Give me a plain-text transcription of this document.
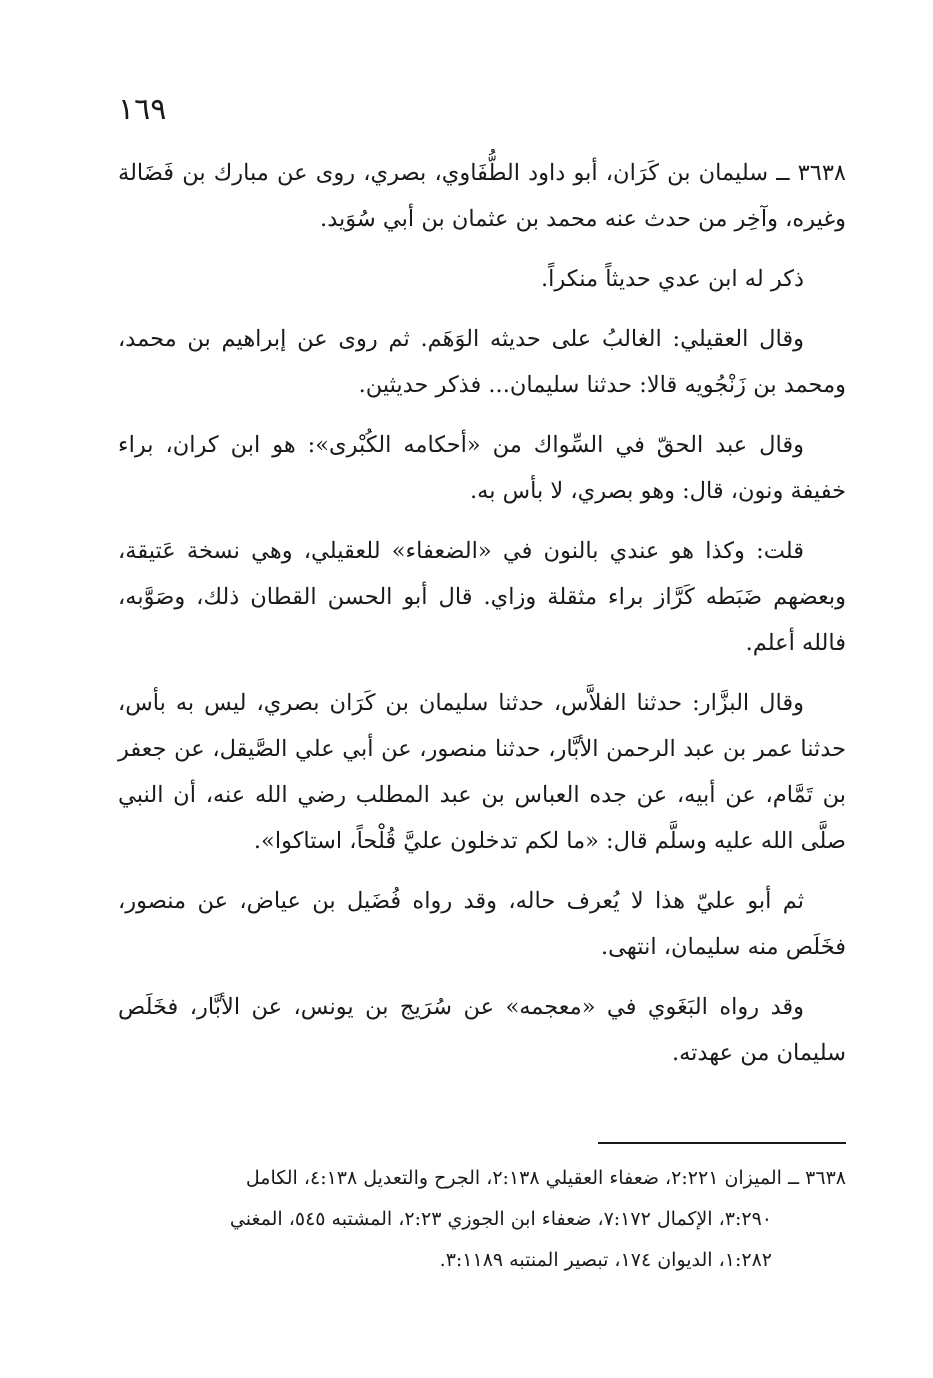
١٦٩

٣٦٣٨ ــ سليمان بن كَرَان، أبو داود الطُّفَاوي، بصري، روى عن مبارك بن فَضَالة وغيره، وآخِر من حدث عنه محمد بن عثمان بن أبي سُوَيد.

ذكر له ابن عدي حديثاً منكراً.

وقال العقيلي: الغالبُ على حديثه الوَهَم. ثم روى عن إبراهيم بن محمد، ومحمد بن زَنْجُويه قالا: حدثنا سليمان... فذكر حديثين.

وقال عبد الحقّ في السِّواك من «أحكامه الكُبْرى»: هو ابن كران، براء خفيفة ونون، قال: وهو بصري، لا بأس به.

قلت: وكذا هو عندي بالنون في «الضعفاء» للعقيلي، وهي نسخة عَتيقة، وبعضهم ضَبَطه كَرَّاز براء مثقلة وزاي. قال أبو الحسن القطان ذلك، وصَوَّبه، فالله أعلم.

وقال البزَّار: حدثنا الفلاَّس، حدثنا سليمان بن كَرَان بصري، ليس به بأس، حدثنا عمر بن عبد الرحمن الأبَّار، حدثنا منصور، عن أبي علي الصَّيقل، عن جعفر بن تَمَّام، عن أبيه، عن جده العباس بن عبد المطلب رضي الله عنه، أن النبي صلَّى الله عليه وسلَّم قال: «ما لكم تدخلون عليَّ قُلْحاً، استاكوا».

ثم أبو عليّ هذا لا يُعرف حاله، وقد رواه فُضَيل بن عياض، عن منصور، فخَلَص منه سليمان، انتهى.

وقد رواه البَغَوي في «معجمه» عن سُرَيج بن يونس، عن الأبَّار، فخَلَص سليمان من عهدته.

٣٦٣٨ ــ الميزان ٢:٢٢١، ضعفاء العقيلي ٢:١٣٨، الجرح والتعديل ٤:١٣٨، الكامل

٣:٢٩٠، الإكمال ٧:١٧٢، ضعفاء ابن الجوزي ٢:٢٣، المشتبه ٥٤٥، المغني

١:٢٨٢، الديوان ١٧٤، تبصير المنتبه ٣:١١٨٩.
